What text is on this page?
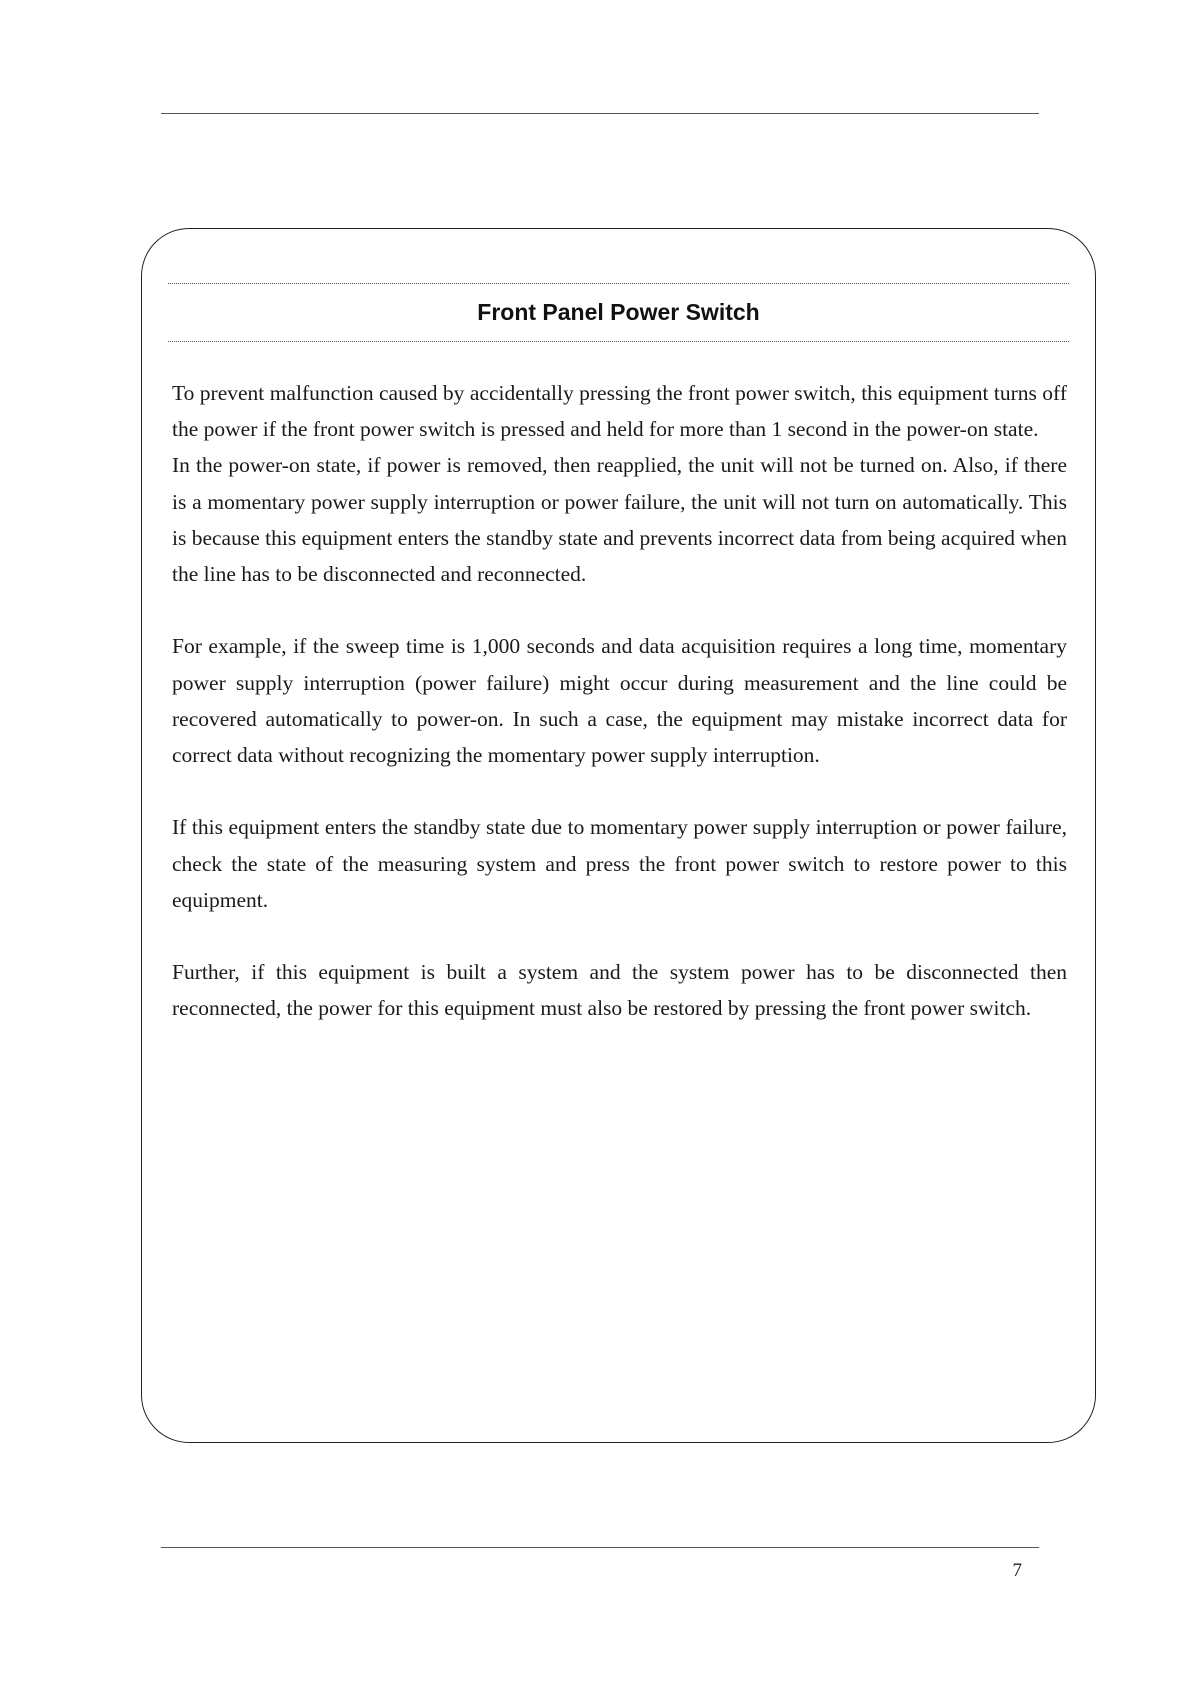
Front Panel Power Switch

To prevent malfunction caused by accidentally pressing the front power switch, this equipment turns off the power if the front power switch is pressed and held for more than 1 second in the power-on state.

In the power-on state, if power is removed, then reapplied, the unit will not be turned on. Also, if there is a momentary power supply interruption or power failure, the unit will not turn on automatically. This is because this equipment enters the standby state and prevents incorrect data from being acquired when the line has to be disconnected and reconnected.

For example, if the sweep time is 1,000 seconds and data acquisition requires a long time, momentary power supply interruption (power failure) might occur during measurement and the line could be recovered automatically to power-on. In such a case, the equipment may mistake incorrect data for correct data without recognizing the momentary power supply interruption.

If this equipment enters the standby state due to momentary power supply interruption or power failure, check the state of the measuring system and press the front power switch to restore power to this equipment.

Further, if this equipment is built a system and the system power has to be disconnected then reconnected, the power for this equipment must also be restored by pressing the front power switch.

7
